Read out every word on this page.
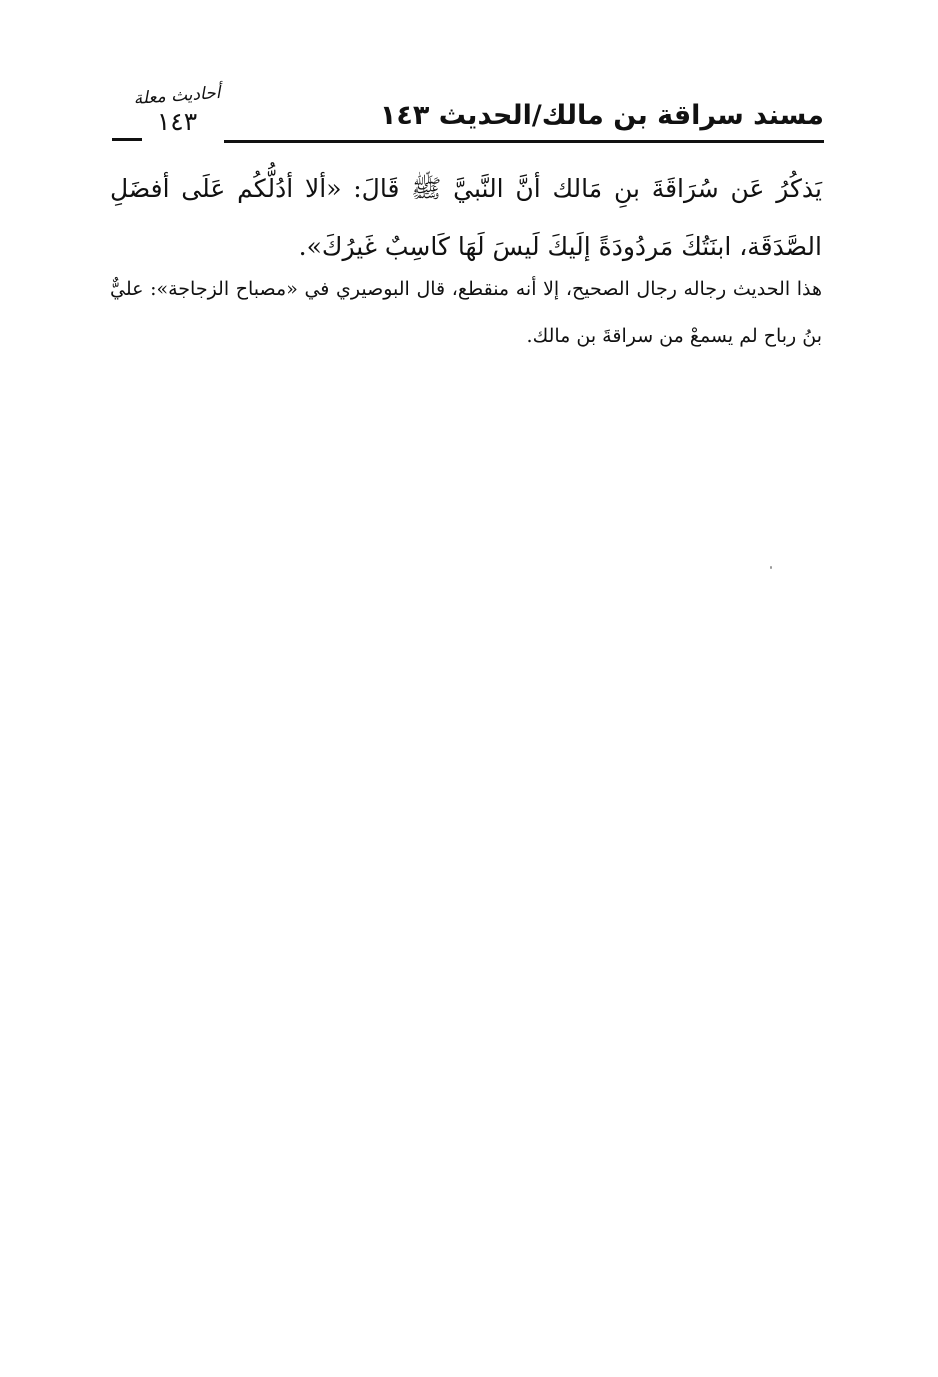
مسند سراقة بن مالك/الحديث ١٤٣
أحاديث معلة
١٤٣

يَذكُرُ عَن سُرَاقَةَ بنِ مَالك أنَّ النَّبيَّ ﷺ قَالَ: «ألا أدُلُّكُم عَلَى أفضَلِ الصَّدَقَة، ابنَتُكَ مَردُودَةً إلَيكَ لَيسَ لَهَا كَاسِبٌ غَيرُكَ».

هذا الحديث رجاله رجال الصحيح، إلا أنه منقطع، قال البوصيري في «مصباح الزجاجة»: عليٌّ بنُ رباح لم يسمعْ من سراقةَ بن مالك.
